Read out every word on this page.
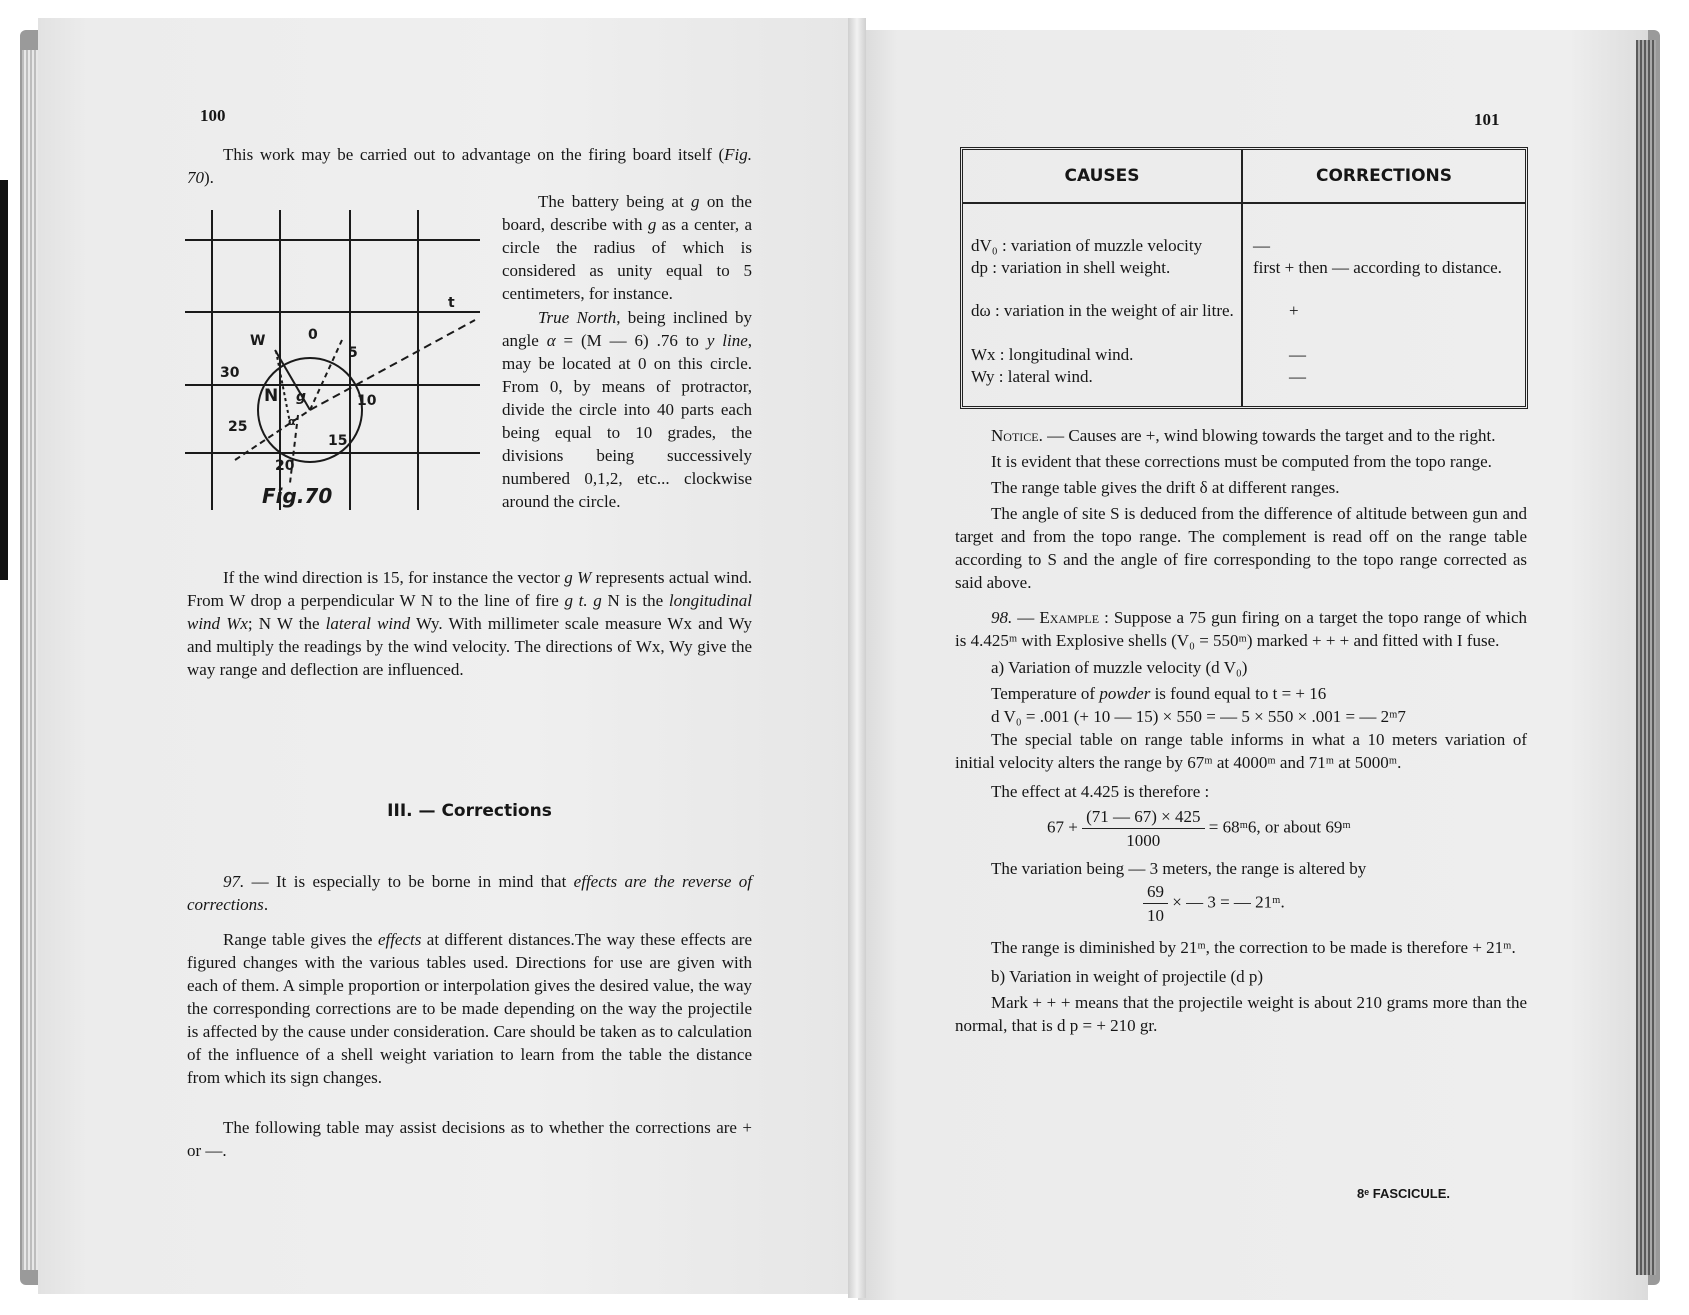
100

This work may be carried out to advantage on the firing board itself (Fig. 70).

The battery being at g on the board, describe with g as a center, a circle the radius of which is considered as unity equal to 5 centimeters, for instance.

True North, being inclined by angle α = (M — 6) .76 to y line, may be located at 0 on this circle. From 0, by means of protractor, divide the circle into 40 parts each being equal to 10 grades, the divisions being successively numbered 0,1,2, etc... clockwise around the circle.

t
W	0
5
10
15
20
25
30
N g
α
Fig.70

If the wind direction is 15, for instance the vector g W represents actual wind. From W drop a perpendicular W N to the line of fire g t. g N is the longitudinal wind Wx; N W the lateral wind Wy. With millimeter scale measure Wx and Wy and multiply the readings by the wind velocity. The directions of Wx, Wy give the way range and deflection are influenced.

III. — Corrections

97. — It is especially to be borne in mind that effects are the reverse of corrections.

Range table gives the effects at different distances.The way these effects are figured changes with the various tables used. Directions for use are given with each of them. A simple proportion or interpolation gives the desired value, the way the corresponding corrections are to be made depending on the way the projectile is affected by the cause under consideration. Care should be taken as to calculation of the influence of a shell weight variation to learn from the table the distance from which its sign changes.

The following table may assist decisions as to whether the corrections are + or —.

101
CAUSES	CORRECTIONS
dV₀ : variation of muzzle velocity	—
dp : variation in shell weight.	first + then — according to distance.
dω : variation in the weight of air litre.	+
Wx : longitudinal wind.	—
Wy : lateral wind.	—

Notice. — Causes are +, wind blowing towards the target and to the right.

It is evident that these corrections must be computed from the topo range.

The range table gives the drift δ at different ranges.

The angle of site S is deduced from the difference of altitude between gun and target and from the topo range. The complement is read off on the range table according to S and the angle of fire corresponding to the topo range corrected as said above.

98. — Example : Suppose a 75 gun firing on a target the topo range of which is 4.425ᵐ with Explosive shells (V₀ = 550ᵐ) marked + + + and fitted with I fuse.

a) Variation of muzzle velocity (d V₀)

Temperature of powder is found equal to t = + 16

d V₀ = .001 (+ 10 — 15) × 550 = — 5 × 550 × .001 = — 2ᵐ7

The special table on range table informs in what a 10 meters variation of initial velocity alters the range by 67ᵐ at 4000ᵐ and 71ᵐ at 5000ᵐ.

The effect at 4.425 is therefore :

$67 + \frac{(71 — 67) \times 425}{1000}$ = 68ᵐ6, or about 69ᵐ

The variation being — 3 meters, the range is altered by

$\frac{69}{10}$ × — 3 = — 21ᵐ.

The range is diminished by 21ᵐ, the correction to be made is therefore + 21ᵐ.

b) Variation in weight of projectile (d p)

Mark + + + means that the projectile weight is about 210 grams more than the normal, that is d p = + 210 gr.

8ᵉ FASCICULE.
